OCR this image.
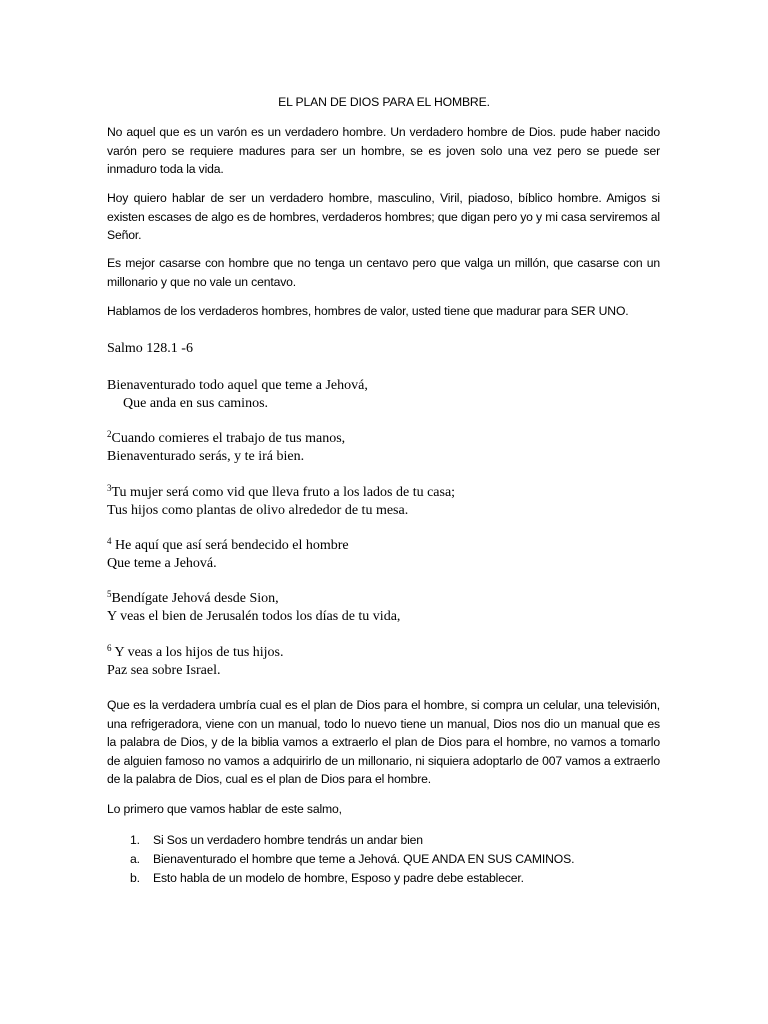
EL PLAN DE DIOS PARA EL HOMBRE.

No aquel que es un varón es un verdadero hombre. Un verdadero hombre de Dios. pude haber nacido varón pero se requiere madures para ser un hombre, se es joven solo una vez pero se puede ser inmaduro toda la vida.

Hoy quiero hablar de ser un verdadero hombre, masculino, Viril, piadoso, bíblico hombre. Amigos si existen escases de algo es de hombres, verdaderos hombres; que digan pero yo y mi casa serviremos al Señor.

Es mejor casarse con hombre que no tenga un centavo pero que valga un millón, que casarse con un millonario y que no vale un centavo.

Hablamos de los verdaderos hombres, hombres de valor, usted tiene que madurar para SER UNO.

Salmo 128.1 -6
Bienaventurado todo aquel que teme a Jehová,
Que anda en sus caminos.
$^2$Cuando comieres el trabajo de tus manos,
Bienaventurado serás, y te irá bien.
$^3$Tu mujer será como vid que lleva fruto a los lados de tu casa;
Tus hijos como plantas de olivo alrededor de tu mesa.
$^4$ He aquí que así será bendecido el hombre
Que teme a Jehová.
$^5$Bendígate Jehová desde Sion,
Y veas el bien de Jerusalén todos los días de tu vida,
$^6$ Y veas a los hijos de tus hijos.
Paz sea sobre Israel.

Que es la verdadera umbría cual es el plan de Dios para el hombre, si compra un celular, una televisión, una refrigeradora, viene con un manual, todo lo nuevo tiene un manual, Dios nos dio un manual que es la palabra de Dios, y de la biblia vamos a extraerlo el plan de Dios para el hombre, no vamos a tomarlo de alguien famoso no vamos a adquirirlo de un millonario, ni siquiera adoptarlo de 007 vamos a extraerlo de la palabra de Dios, cual es el plan de Dios para el hombre.

Lo primero que vamos hablar de este salmo,

1. Si Sos un verdadero hombre tendrás un andar bien
a. Bienaventurado el hombre que teme a Jehová. QUE ANDA EN SUS CAMINOS.
b. Esto habla de un modelo de hombre, Esposo y padre debe establecer.
